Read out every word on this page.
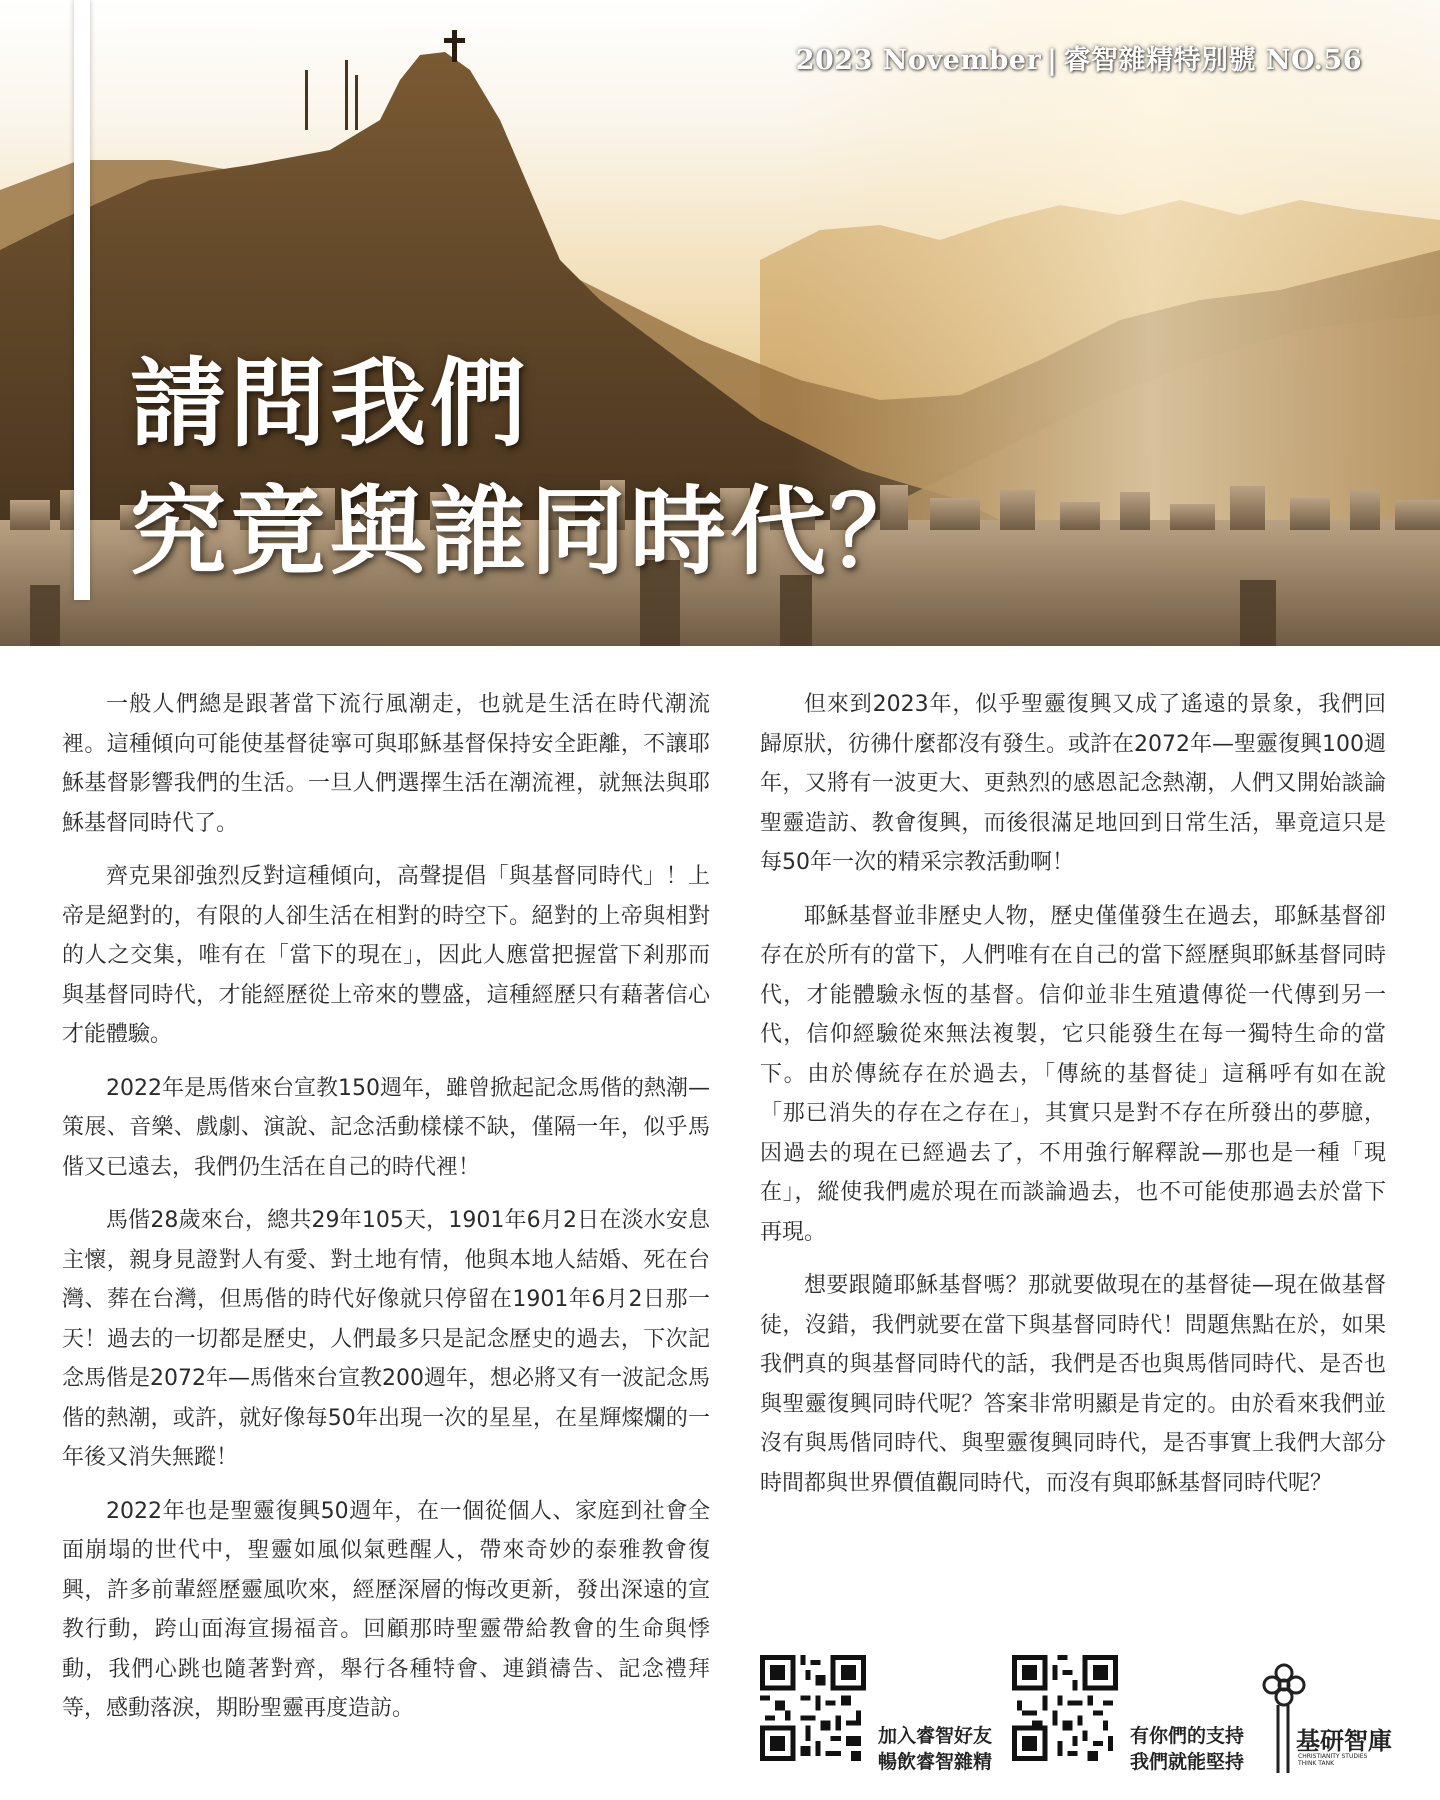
2023 November | 睿智雜精特別號 NO.56
請問我們
究竟與誰同時代？

一般人們總是跟著當下流行風潮走，也就是生活在時代潮流裡。這種傾向可能使基督徒寧可與耶穌基督保持安全距離，不讓耶穌基督影響我們的生活。一旦人們選擇生活在潮流裡，就無法與耶穌基督同時代了。

齊克果卻強烈反對這種傾向，高聲提倡「與基督同時代」！上帝是絕對的，有限的人卻生活在相對的時空下。絕對的上帝與相對的人之交集，唯有在「當下的現在」，因此人應當把握當下剎那而與基督同時代，才能經歷從上帝來的豐盛，這種經歷只有藉著信心才能體驗。

2022年是馬偕來台宣教150週年，雖曾掀起記念馬偕的熱潮—策展、音樂、戲劇、演說、記念活動樣樣不缺，僅隔一年，似乎馬偕又已遠去，我們仍生活在自己的時代裡！

馬偕28歲來台，總共29年105天，1901年6月2日在淡水安息主懷，親身見證對人有愛、對土地有情，他與本地人結婚、死在台灣、葬在台灣，但馬偕的時代好像就只停留在1901年6月2日那一天！過去的一切都是歷史，人們最多只是記念歷史的過去，下次記念馬偕是2072年—馬偕來台宣教200週年，想必將又有一波記念馬偕的熱潮，或許，就好像每50年出現一次的星星，在星輝燦爛的一年後又消失無蹤！

2022年也是聖靈復興50週年，在一個從個人、家庭到社會全面崩塌的世代中，聖靈如風似氣甦醒人，帶來奇妙的泰雅教會復興，許多前輩經歷靈風吹來，經歷深層的悔改更新，發出深遠的宣教行動，跨山面海宣揚福音。回顧那時聖靈帶給教會的生命與悸動，我們心跳也隨著對齊，舉行各種特會、連鎖禱告、記念禮拜等，感動落淚，期盼聖靈再度造訪。

但來到2023年，似乎聖靈復興又成了遙遠的景象，我們回歸原狀，彷彿什麼都沒有發生。或許在2072年—聖靈復興100週年，又將有一波更大、更熱烈的感恩記念熱潮，人們又開始談論聖靈造訪、教會復興，而後很滿足地回到日常生活，畢竟這只是每50年一次的精采宗教活動啊！

耶穌基督並非歷史人物，歷史僅僅發生在過去，耶穌基督卻存在於所有的當下，人們唯有在自己的當下經歷與耶穌基督同時代，才能體驗永恆的基督。信仰並非生殖遺傳從一代傳到另一代，信仰經驗從來無法複製，它只能發生在每一獨特生命的當下。由於傳統存在於過去，「傳統的基督徒」這稱呼有如在說「那已消失的存在之存在」，其實只是對不存在所發出的夢臆，因過去的現在已經過去了，不用強行解釋說—那也是一種「現在」，縱使我們處於現在而談論過去，也不可能使那過去於當下再現。

想要跟隨耶穌基督嗎？那就要做現在的基督徒—現在做基督徒，沒錯，我們就要在當下與基督同時代！問題焦點在於，如果我們真的與基督同時代的話，我們是否也與馬偕同時代、是否也與聖靈復興同時代呢？答案非常明顯是肯定的。由於看來我們並沒有與馬偕同時代、與聖靈復興同時代，是否事實上我們大部分時間都與世界價值觀同時代，而沒有與耶穌基督同時代呢？

加入睿智好友
暢飲睿智雜精
有你們的支持
我們就能堅持
基研智庫
CHRISTIANITY STUDIES THINK TANK
